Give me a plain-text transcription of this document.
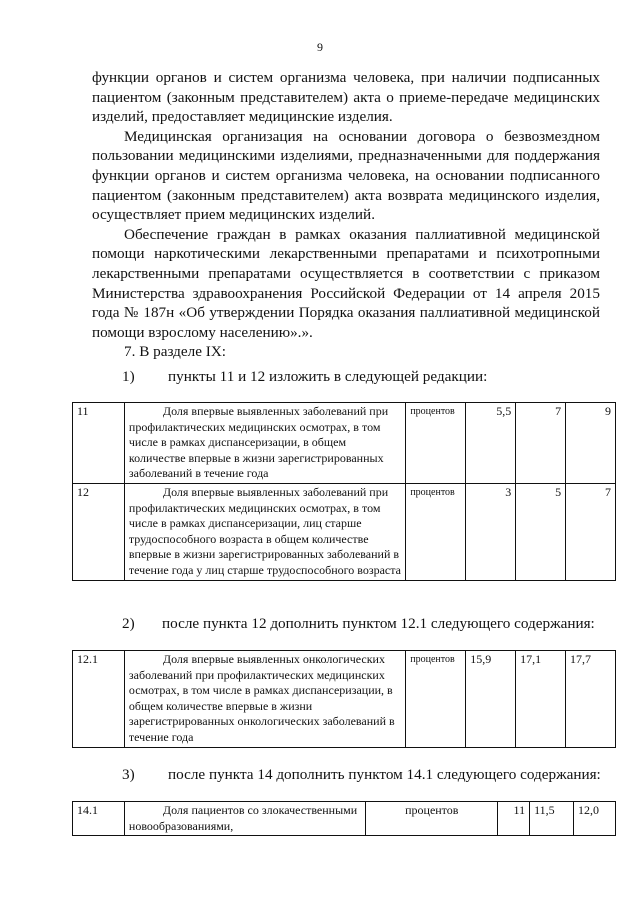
9

функции органов и систем организма человека, при наличии подписанных пациентом (законным представителем) акта о приеме-передаче медицинских изделий, предоставляет медицинские изделия.

Медицинская организация на основании договора о безвозмездном пользовании медицинскими изделиями, предназначенными для поддержания функции органов и систем организма человека, на основании подписанного пациентом (законным представителем) акта возврата медицинского изделия, осуществляет прием медицинских изделий.

Обеспечение граждан в рамках оказания паллиативной медицинской помощи наркотическими лекарственными препаратами и психотропными лекарственными препаратами осуществляется в соответствии с приказом Министерства здравоохранения Российской Федерации от 14 апреля 2015 года № 187н «Об утверждении Порядка оказания паллиативной медицинской помощи взрослому населению».».

7. В разделе IX:

1) пункты 11 и 12 изложить в следующей редакции:
11	Доля впервые выявленных заболеваний при профилактических медицинских осмотрах, в том числе в рамках диспансеризации, в общем количестве впервые в жизни зарегистрированных заболеваний в течение года	процентов	5,5	7	9
12	Доля впервые выявленных заболеваний при профилактических медицинских осмотрах, в том числе в рамках диспансеризации, лиц старше трудоспособного возраста в общем количестве впервые в жизни зарегистрированных заболеваний в течение года у лиц старше трудоспособного возраста	процентов	3	5	7
2) после пункта 12 дополнить пунктом 12.1 следующего содержания:
12.1	Доля впервые выявленных онкологических заболеваний при профилактических медицинских осмотрах, в том числе в рамках диспансеризации, в общем количестве впервые в жизни зарегистрированных онкологических заболеваний в течение года	процентов	15,9	17,1	17,7
3) после пункта 14 дополнить пунктом 14.1 следующего содержания:
14.1	Доля пациентов со злокачественными новообразованиями,	процентов	11	11,5	12,0
